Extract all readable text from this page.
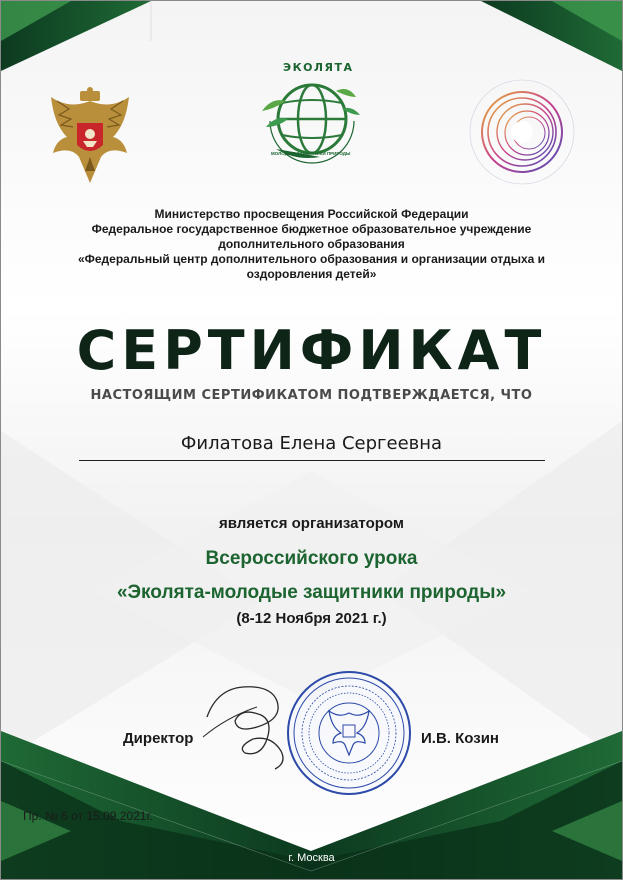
ЭКОЛЯТА
МОЛОДЫЕ ЗАЩИТНИКИ ПРИРОДЫ
Министерство просвещения Российской Федерации
Федеральное государственное бюджетное образовательное учреждение
дополнительного образования
«Федеральный центр дополнительного образования и организации отдыха и
оздоровления детей»
СЕРТИФИКАТ
НАСТОЯЩИМ СЕРТИФИКАТОМ ПОДТВЕРЖДАЕТСЯ, ЧТО
Филатова Елена Сергеевна
является организатором
Всероссийского урока
«Эколята-молодые защитники природы»
(8-12 Ноября 2021 г.)
Директор	И.В. Козин
Пр. № 6 от 15.09.2021г.
г. Москва
